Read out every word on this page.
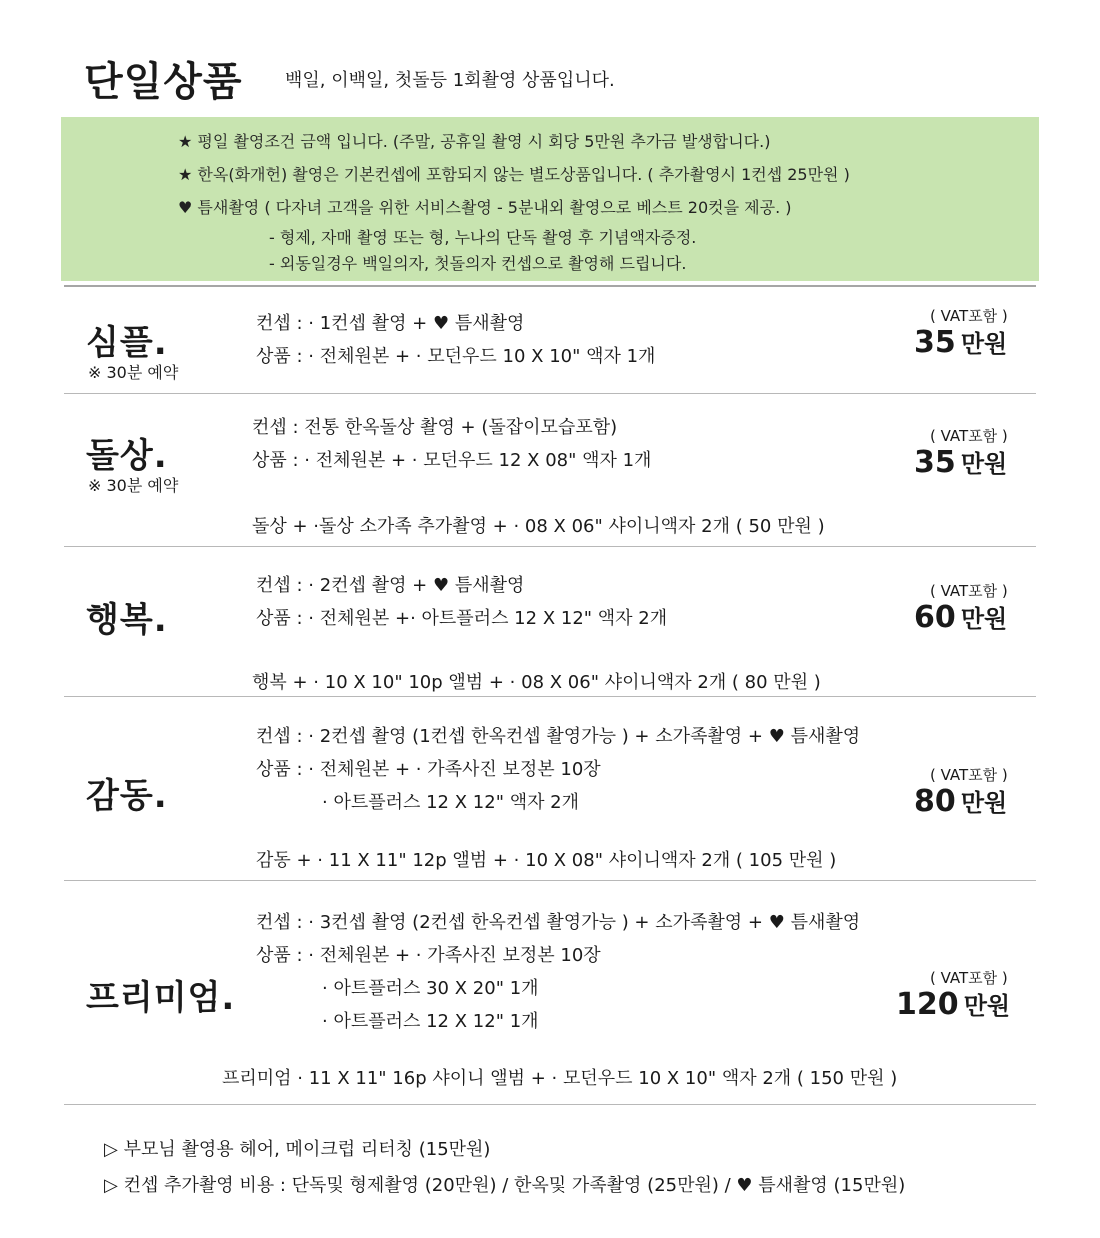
단일상품 백일, 이백일, 첫돌등 1회촬영 상품입니다.
★ 평일 촬영조건 금액 입니다. (주말, 공휴일 촬영 시 회당 5만원 추가금 발생합니다.)
★ 한옥(화개헌) 촬영은 기본컨셉에 포함되지 않는 별도상품입니다. ( 추가촬영시 1컨셉 25만원 )
♥ 틈새촬영 ( 다자녀 고객을 위한 서비스촬영 - 5분내외 촬영으로 베스트 20컷을 제공. )
- 형제, 자매 촬영 또는 형, 누나의 단독 촬영 후 기념액자증정.
- 외동일경우 백일의자, 첫돌의자 컨셉으로 촬영해 드립니다.
심플.
※ 30분 예약
컨셉 : · 1컨셉 촬영 + ♥ 틈새촬영
상품 : · 전체원본 + · 모던우드 10 X 10" 액자 1개
( VAT포함 )
35 만원
돌상.
※ 30분 예약
컨셉 : 전통 한옥돌상 촬영 + (돌잡이모습포함)
상품 : · 전체원본 + · 모던우드 12 X 08" 액자 1개
돌상 + ·돌상 소가족 추가촬영 + · 08 X 06" 샤이니액자 2개 ( 50 만원 )
( VAT포함 )
35 만원
행복.
컨셉 : · 2컨셉 촬영 + ♥ 틈새촬영
상품 : · 전체원본 +· 아트플러스 12 X 12" 액자 2개
행복 + · 10 X 10" 10p 앨범 + · 08 X 06" 샤이니액자 2개 ( 80 만원 )
( VAT포함 )
60 만원
감동.
컨셉 : · 2컨셉 촬영 (1컨셉 한옥컨셉 촬영가능 ) + 소가족촬영 + ♥ 틈새촬영
상품 : · 전체원본 + · 가족사진 보정본 10장
· 아트플러스 12 X 12" 액자 2개
감동 + · 11 X 11" 12p 앨범 + · 10 X 08" 샤이니액자 2개 ( 105 만원 )
( VAT포함 )
80 만원
프리미엄.
컨셉 : · 3컨셉 촬영 (2컨셉 한옥컨셉 촬영가능 ) + 소가족촬영 + ♥ 틈새촬영
상품 : · 전체원본 + · 가족사진 보정본 10장
· 아트플러스 30 X 20" 1개
· 아트플러스 12 X 12" 1개
프리미엄 · 11 X 11" 16p 샤이니 앨범 + · 모던우드 10 X 10" 액자 2개 ( 150 만원 )
( VAT포함 )
120 만원
▷ 부모님 촬영용 헤어, 메이크럽 리터칭 (15만원)
▷ 컨셉 추가촬영 비용 : 단독및 형제촬영 (20만원) / 한옥및 가족촬영 (25만원) / ♥ 틈새촬영 (15만원)
